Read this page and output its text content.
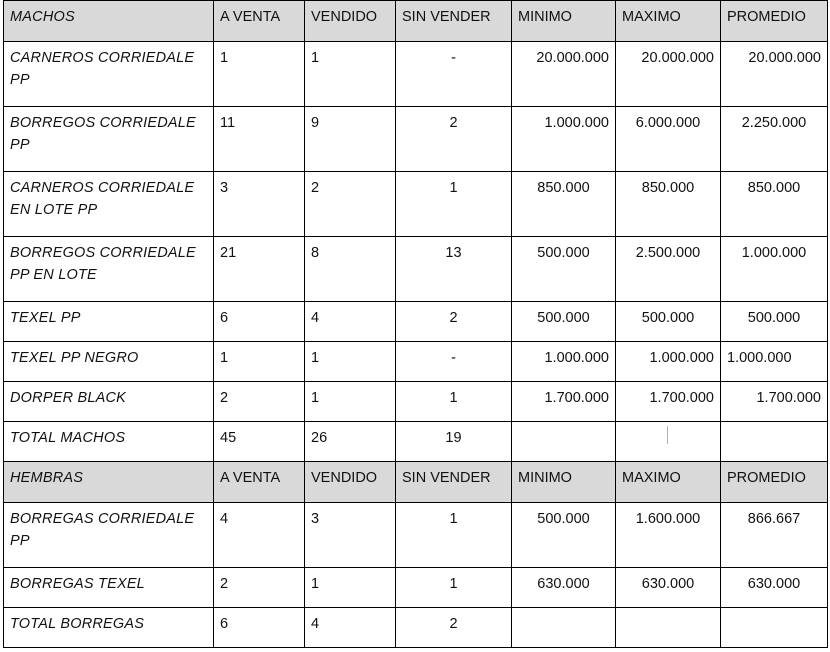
MACHOS	A VENTA	VENDIDO	SIN VENDER	MINIMO	MAXIMO	PROMEDIO
CARNEROS CORRIEDALE PP	1	1	-	20.000.000	20.000.000	20.000.000
BORREGOS CORRIEDALE PP	11	9	2	1.000.000	6.000.000	2.250.000
CARNEROS CORRIEDALE EN LOTE PP	3	2	1	850.000	850.000	850.000
BORREGOS CORRIEDALE PP EN LOTE	21	8	13	500.000	2.500.000	1.000.000
TEXEL PP	6	4	2	500.000	500.000	500.000
TEXEL PP NEGRO	1	1	-	1.000.000	1.000.000	1.000.000
DORPER BLACK	2	1	1	1.700.000	1.700.000	1.700.000
TOTAL MACHOS	45	26	19			
HEMBRAS	A VENTA	VENDIDO	SIN VENDER	MINIMO	MAXIMO	PROMEDIO
BORREGAS CORRIEDALE PP	4	3	1	500.000	1.600.000	866.667
BORREGAS TEXEL	2	1	1	630.000	630.000	630.000
TOTAL BORREGAS	6	4	2			
